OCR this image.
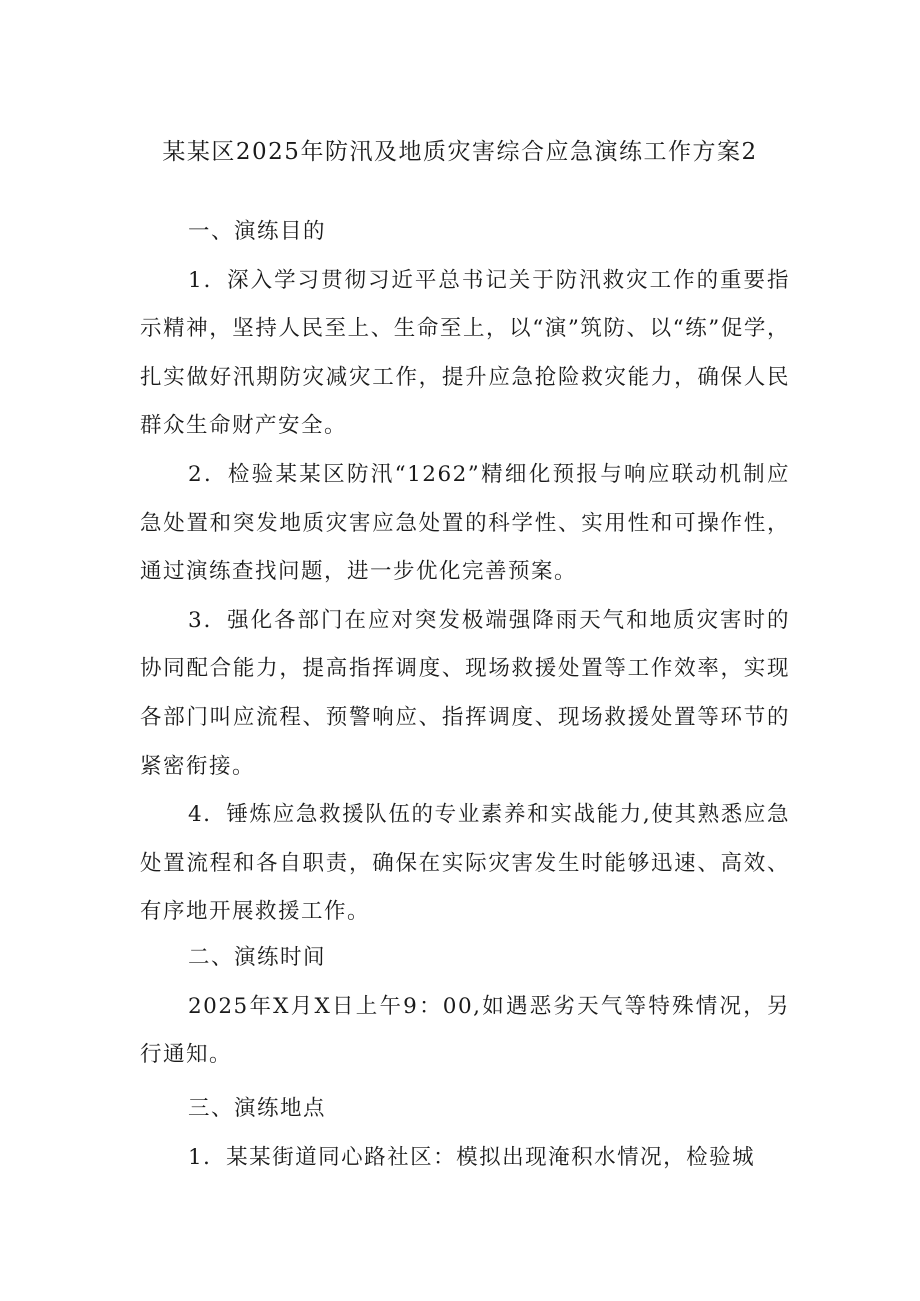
某某区2025年防汛及地质灾害综合应急演练工作方案2

一、演练目的

1．深入学习贯彻习近平总书记关于防汛救灾工作的重要指示精神，坚持人民至上、生命至上，以“演”筑防、以“练”促学，扎实做好汛期防灾减灾工作，提升应急抢险救灾能力，确保人民群众生命财产安全。

2．检验某某区防汛“1262”精细化预报与响应联动机制应急处置和突发地质灾害应急处置的科学性、实用性和可操作性，通过演练查找问题，进一步优化完善预案。

3．强化各部门在应对突发极端强降雨天气和地质灾害时的协同配合能力，提高指挥调度、现场救援处置等工作效率，实现各部门叫应流程、预警响应、指挥调度、现场救援处置等环节的紧密衔接。

4．锤炼应急救援队伍的专业素养和实战能力,使其熟悉应急处置流程和各自职责，确保在实际灾害发生时能够迅速、高效、有序地开展救援工作。

二、演练时间

2025年X月X日上午9：00,如遇恶劣天气等特殊情况，另行通知。

三、演练地点

1．某某街道同心路社区：模拟出现淹积水情况，检验城
